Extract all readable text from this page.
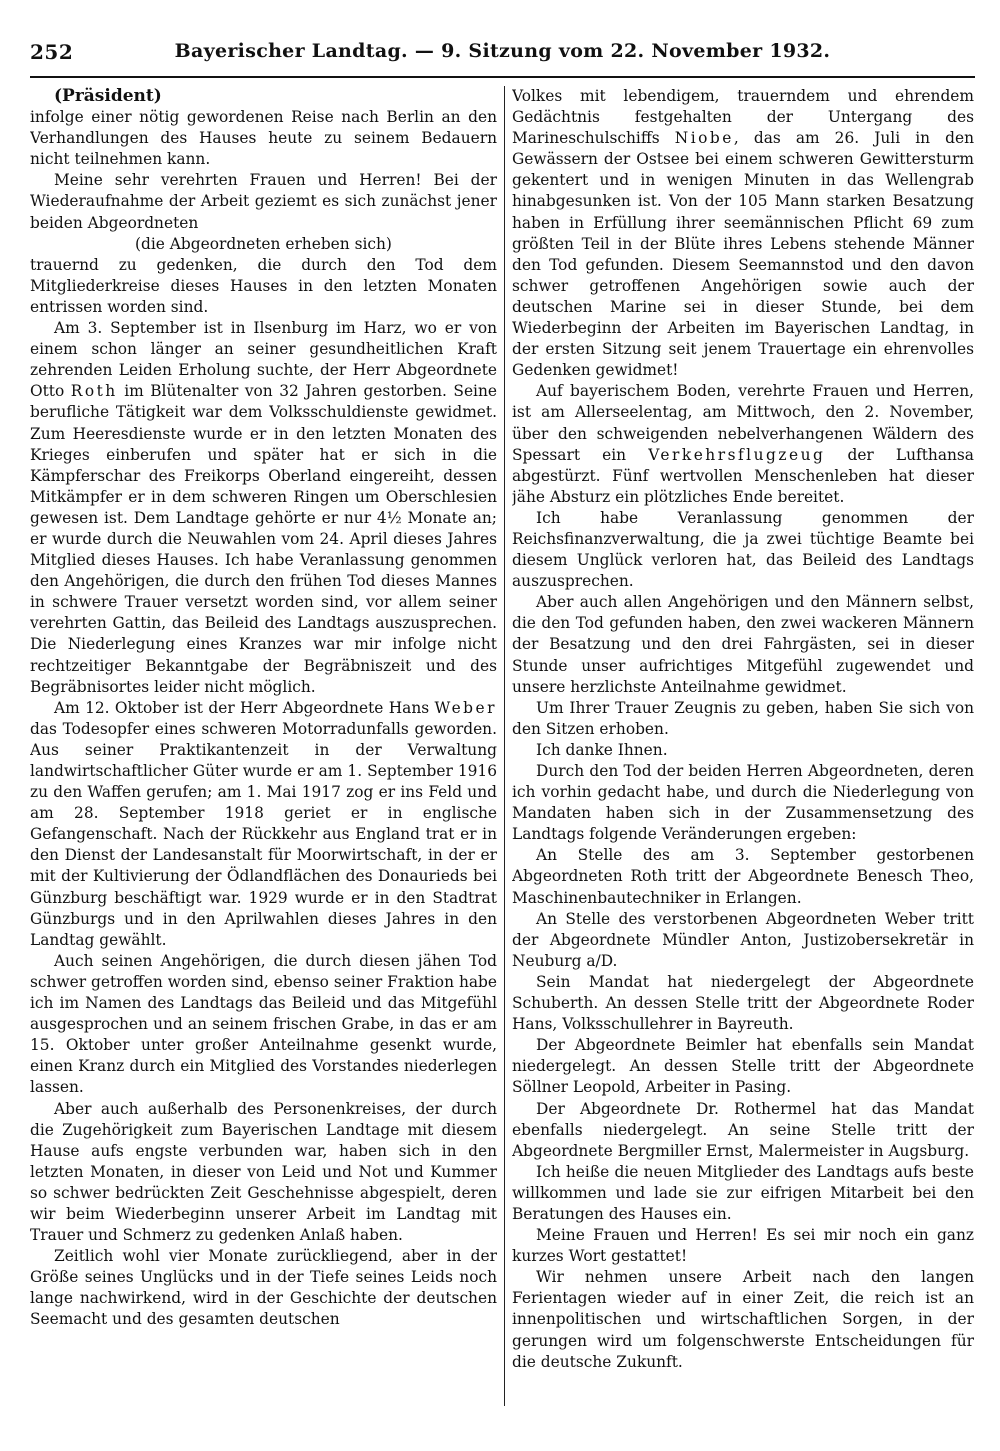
252	Bayerischer Landtag. — 9. Sitzung vom 22. November 1932.

(Präsident)

infolge einer nötig gewordenen Reise nach Berlin an den Verhandlungen des Hauses heute zu seinem Bedauern nicht teilnehmen kann.

Meine sehr verehrten Frauen und Herren! Bei der Wiederaufnahme der Arbeit geziemt es sich zunächst jener beiden Abgeordneten

(die Abgeordneten erheben sich)

trauernd zu gedenken, die durch den Tod dem Mitgliederkreise dieses Hauses in den letzten Monaten entrissen worden sind.

Am 3. September ist in Ilsenburg im Harz, wo er von einem schon länger an seiner gesundheitlichen Kraft zehrenden Leiden Erholung suchte, der Herr Abgeordnete Otto Roth im Blütenalter von 32 Jahren gestorben. Seine berufliche Tätigkeit war dem Volksschuldienste gewidmet. Zum Heeresdienste wurde er in den letzten Monaten des Krieges einberufen und später hat er sich in die Kämpferschar des Freikorps Oberland eingereiht, dessen Mitkämpfer er in dem schweren Ringen um Oberschlesien gewesen ist. Dem Landtage gehörte er nur 4½ Monate an; er wurde durch die Neuwahlen vom 24. April dieses Jahres Mitglied dieses Hauses. Ich habe Veranlassung genommen den Angehörigen, die durch den frühen Tod dieses Mannes in schwere Trauer versetzt worden sind, vor allem seiner verehrten Gattin, das Beileid des Landtags auszusprechen. Die Niederlegung eines Kranzes war mir infolge nicht rechtzeitiger Bekanntgabe der Begräbniszeit und des Begräbnisortes leider nicht möglich.

Am 12. Oktober ist der Herr Abgeordnete Hans Weber das Todesopfer eines schweren Motorradunfalls geworden. Aus seiner Praktikantenzeit in der Verwaltung landwirtschaftlicher Güter wurde er am 1. September 1916 zu den Waffen gerufen; am 1. Mai 1917 zog er ins Feld und am 28. September 1918 geriet er in englische Gefangenschaft. Nach der Rückkehr aus England trat er in den Dienst der Landesanstalt für Moorwirtschaft, in der er mit der Kultivierung der Ödlandflächen des Donaurieds bei Günzburg beschäftigt war. 1929 wurde er in den Stadtrat Günzburgs und in den Aprilwahlen dieses Jahres in den Landtag gewählt.

Auch seinen Angehörigen, die durch diesen jähen Tod schwer getroffen worden sind, ebenso seiner Fraktion habe ich im Namen des Landtags das Beileid und das Mitgefühl ausgesprochen und an seinem frischen Grabe, in das er am 15. Oktober unter großer Anteilnahme gesenkt wurde, einen Kranz durch ein Mitglied des Vorstandes niederlegen lassen.

Aber auch außerhalb des Personenkreises, der durch die Zugehörigkeit zum Bayerischen Landtage mit diesem Hause aufs engste verbunden war, haben sich in den letzten Monaten, in dieser von Leid und Not und Kummer so schwer bedrückten Zeit Geschehnisse abgespielt, deren wir beim Wiederbeginn unserer Arbeit im Landtag mit Trauer und Schmerz zu gedenken Anlaß haben.

Zeitlich wohl vier Monate zurückliegend, aber in der Größe seines Unglücks und in der Tiefe seines Leids noch lange nachwirkend, wird in der Geschichte der deutschen Seemacht und des gesamten deutschen

Volkes mit lebendigem, trauerndem und ehrendem Gedächtnis festgehalten der Untergang des Marineschulschiffs Niobe, das am 26. Juli in den Gewässern der Ostsee bei einem schweren Gewittersturm gekentert und in wenigen Minuten in das Wellengrab hinabgesunken ist. Von der 105 Mann starken Besatzung haben in Erfüllung ihrer seemännischen Pflicht 69 zum größten Teil in der Blüte ihres Lebens stehende Männer den Tod gefunden. Diesem Seemannstod und den davon schwer getroffenen Angehörigen sowie auch der deutschen Marine sei in dieser Stunde, bei dem Wiederbeginn der Arbeiten im Bayerischen Landtag, in der ersten Sitzung seit jenem Trauertage ein ehrenvolles Gedenken gewidmet!

Auf bayerischem Boden, verehrte Frauen und Herren, ist am Allerseelentag, am Mittwoch, den 2. November, über den schweigenden nebelverhangenen Wäldern des Spessart ein Verkehrsflugzeug der Lufthansa abgestürzt. Fünf wertvollen Menschenleben hat dieser jähe Absturz ein plötzliches Ende bereitet.

Ich habe Veranlassung genommen der Reichsfinanzverwaltung, die ja zwei tüchtige Beamte bei diesem Unglück verloren hat, das Beileid des Landtags auszusprechen.

Aber auch allen Angehörigen und den Männern selbst, die den Tod gefunden haben, den zwei wackeren Männern der Besatzung und den drei Fahrgästen, sei in dieser Stunde unser aufrichtiges Mitgefühl zugewendet und unsere herzlichste Anteilnahme gewidmet.

Um Ihrer Trauer Zeugnis zu geben, haben Sie sich von den Sitzen erhoben.

Ich danke Ihnen.

Durch den Tod der beiden Herren Abgeordneten, deren ich vorhin gedacht habe, und durch die Niederlegung von Mandaten haben sich in der Zusammensetzung des Landtags folgende Veränderungen ergeben:

An Stelle des am 3. September gestorbenen Abgeordneten Roth tritt der Abgeordnete Benesch Theo, Maschinenbautechniker in Erlangen.

An Stelle des verstorbenen Abgeordneten Weber tritt der Abgeordnete Mündler Anton, Justizobersekretär in Neuburg a/D.

Sein Mandat hat niedergelegt der Abgeordnete Schuberth. An dessen Stelle tritt der Abgeordnete Roder Hans, Volksschullehrer in Bayreuth.

Der Abgeordnete Beimler hat ebenfalls sein Mandat niedergelegt. An dessen Stelle tritt der Abgeordnete Söllner Leopold, Arbeiter in Pasing.

Der Abgeordnete Dr. Rothermel hat das Mandat ebenfalls niedergelegt. An seine Stelle tritt der Abgeordnete Bergmiller Ernst, Malermeister in Augsburg.

Ich heiße die neuen Mitglieder des Landtags aufs beste willkommen und lade sie zur eifrigen Mitarbeit bei den Beratungen des Hauses ein.

Meine Frauen und Herren! Es sei mir noch ein ganz kurzes Wort gestattet!

Wir nehmen unsere Arbeit nach den langen Ferientagen wieder auf in einer Zeit, die reich ist an innenpolitischen und wirtschaftlichen Sorgen, in der gerungen wird um folgenschwerste Entscheidungen für die deutsche Zukunft.
